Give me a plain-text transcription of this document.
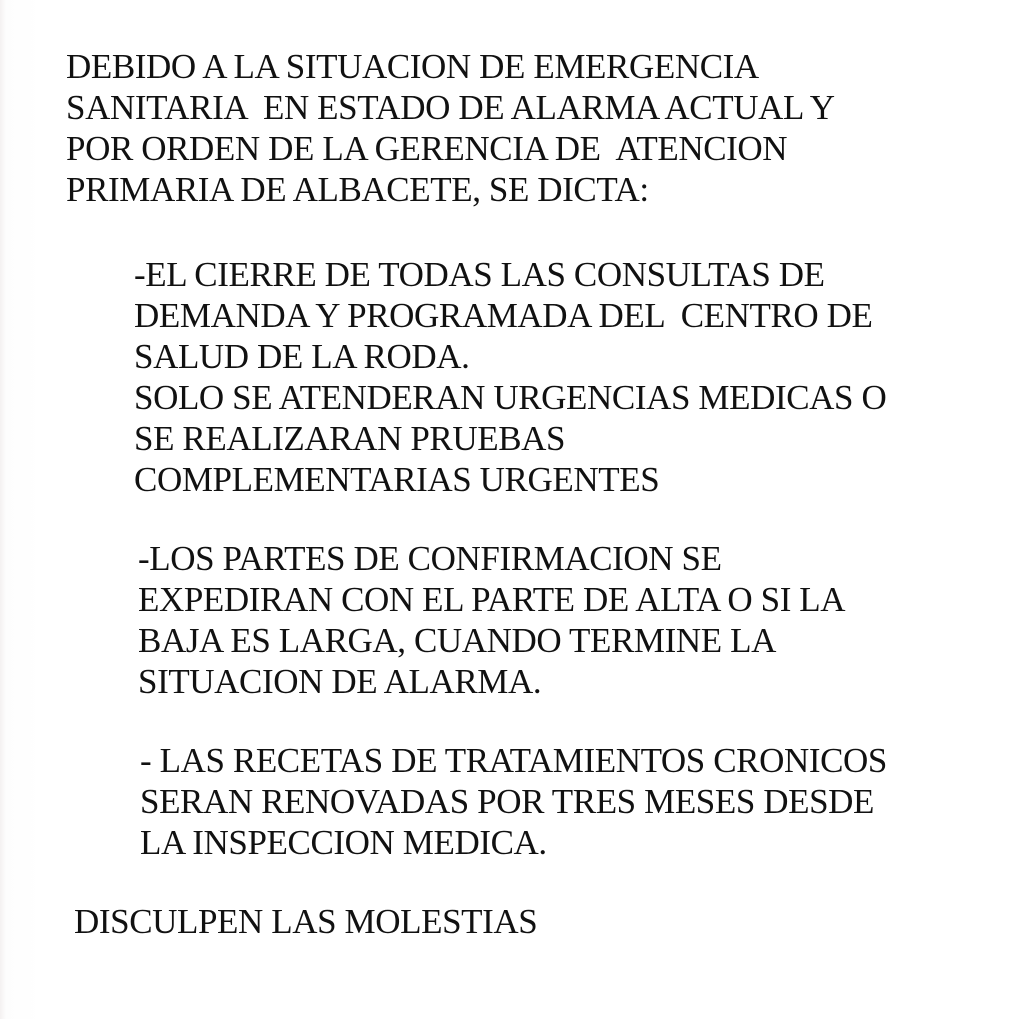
DEBIDO A LA SITUACION DE EMERGENCIA
SANITARIA  EN ESTADO DE ALARMA ACTUAL Y
POR ORDEN DE LA GERENCIA DE  ATENCION
PRIMARIA DE ALBACETE, SE DICTA:
-EL CIERRE DE TODAS LAS CONSULTAS DE
DEMANDA Y PROGRAMADA DEL  CENTRO DE
SALUD DE LA RODA.
SOLO SE ATENDERAN URGENCIAS MEDICAS O
SE REALIZARAN PRUEBAS
COMPLEMENTARIAS URGENTES
-LOS PARTES DE CONFIRMACION SE
EXPEDIRAN CON EL PARTE DE ALTA O SI LA
BAJA ES LARGA, CUANDO TERMINE LA
SITUACION DE ALARMA.
- LAS RECETAS DE TRATAMIENTOS CRONICOS
SERAN RENOVADAS POR TRES MESES DESDE
LA INSPECCION MEDICA.
DISCULPEN LAS MOLESTIAS
